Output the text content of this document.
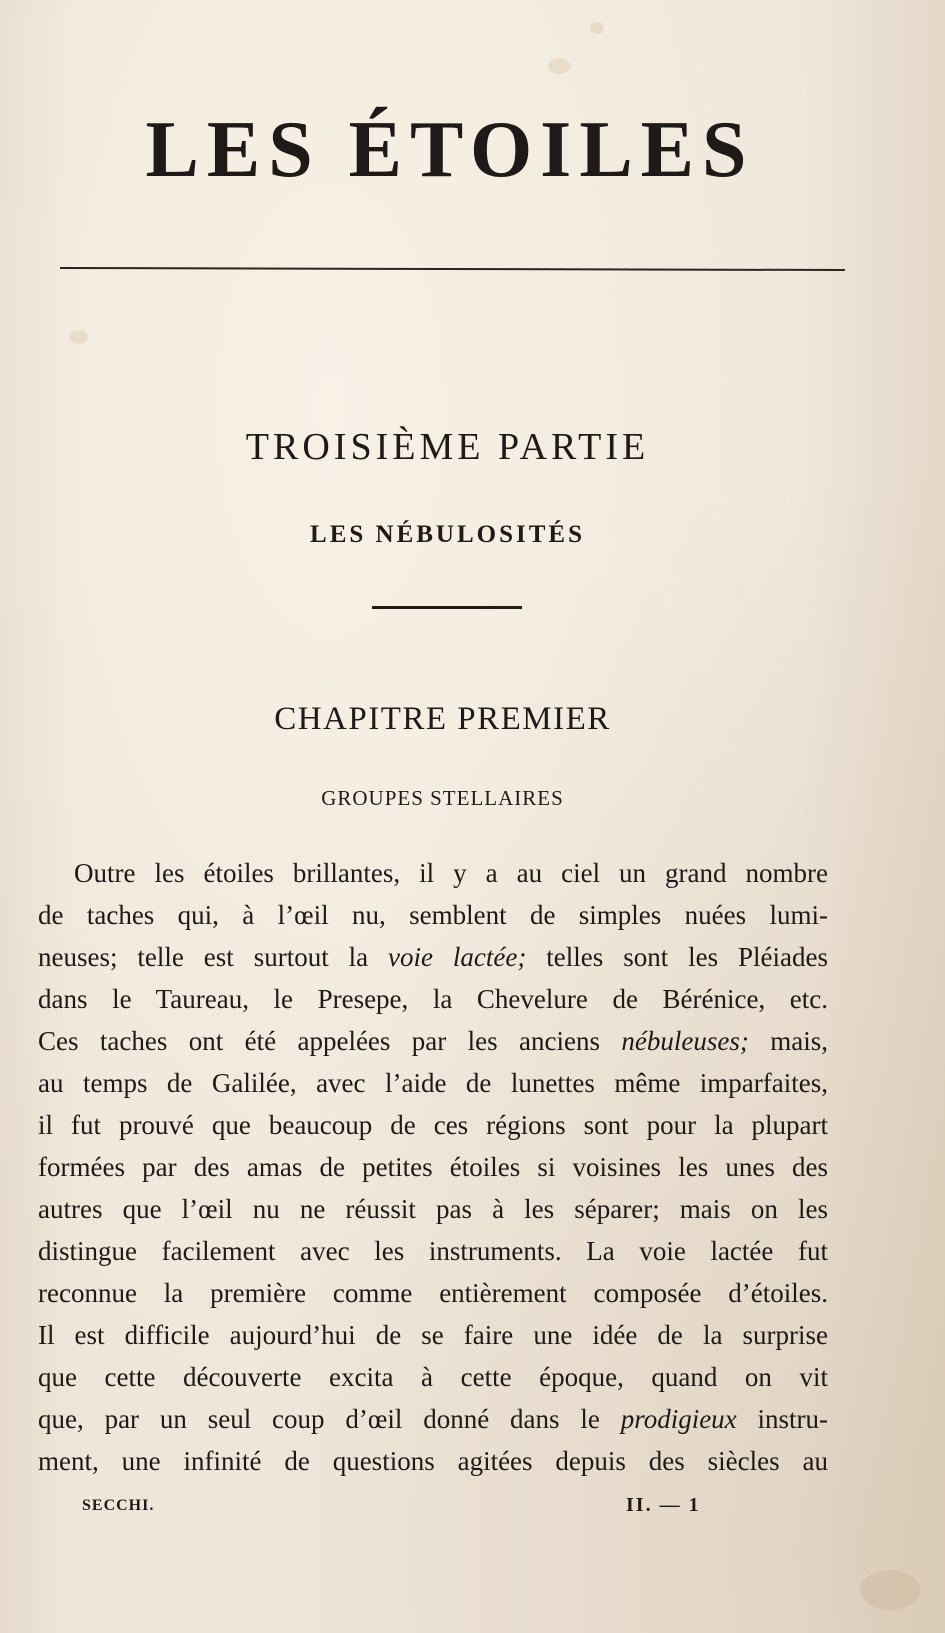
LES ÉTOILES
TROISIÈME PARTIE
LES NÉBULOSITÉS
CHAPITRE PREMIER
GROUPES STELLAIRES
Outre les étoiles brillantes, il y a au ciel un grand nombre
de taches qui, à l’œil nu, semblent de simples nuées lumi-
neuses; telle est surtout la voie lactée; telles sont les Pléiades
dans le Taureau, le Presepe, la Chevelure de Bérénice, etc.
Ces taches ont été appelées par les anciens nébuleuses; mais,
au temps de Galilée, avec l’aide de lunettes même imparfaites,
il fut prouvé que beaucoup de ces régions sont pour la plupart
formées par des amas de petites étoiles si voisines les unes des
autres que l’œil nu ne réussit pas à les séparer; mais on les
distingue facilement avec les instruments. La voie lactée fut
reconnue la première comme entièrement composée d’étoiles.
Il est difficile aujourd’hui de se faire une idée de la surprise
que cette découverte excita à cette époque, quand on vit
que, par un seul coup d’œil donné dans le prodigieux instru-
ment, une infinité de questions agitées depuis des siècles au
SECCHI.	II. — 1
